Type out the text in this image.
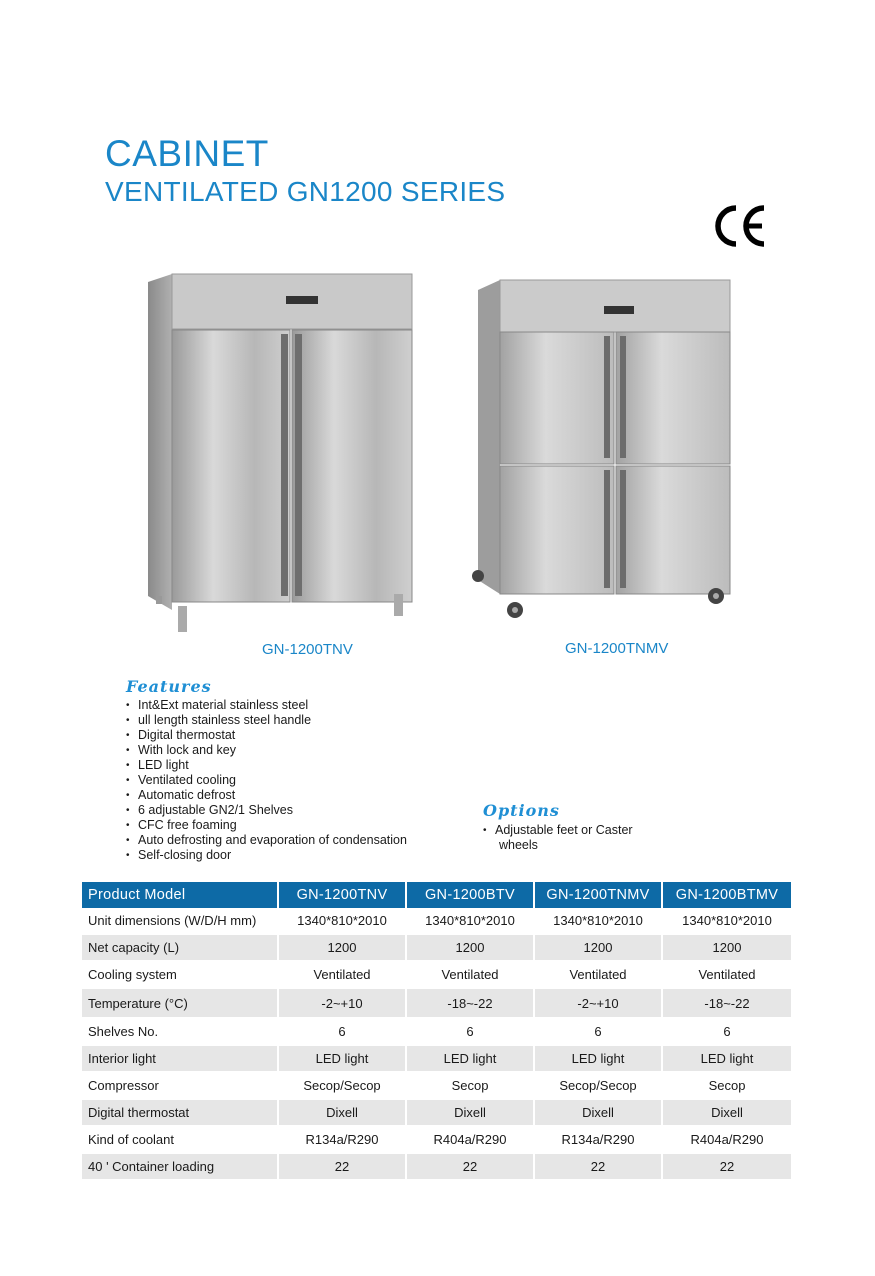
CABINET
VENTILATED GN1200 SERIES
GN-1200TNV	GN-1200TNMV
Features
• Int&Ext material stainless steel
• ull length stainless steel handle
• Digital thermostat
• With lock and key
• LED light
• Ventilated cooling
• Automatic defrost
• 6 adjustable GN2/1 Shelves
• CFC free foaming
• Auto defrosting and evaporation of condensation
• Self-closing door
Options
• Adjustable feet or Caster
wheels
Product Model	GN-1200TNV	GN-1200BTV	GN-1200TNMV	GN-1200BTMV
Unit dimensions (W/D/H mm)	1340*810*2010	1340*810*2010	1340*810*2010	1340*810*2010
Net capacity (L)	1200	1200	1200	1200
Cooling system	Ventilated	Ventilated	Ventilated	Ventilated
Temperature (°C)	-2~+10	-18~-22	-2~+10	-18~-22
Shelves No.	6	6	6	6
Interior light	LED light	LED light	LED light	LED light
Compressor	Secop/Secop	Secop	Secop/Secop	Secop
Digital thermostat	Dixell	Dixell	Dixell	Dixell
Kind of coolant	R134a/R290	R404a/R290	R134a/R290	R404a/R290
40 ' Container loading	22	22	22	22
